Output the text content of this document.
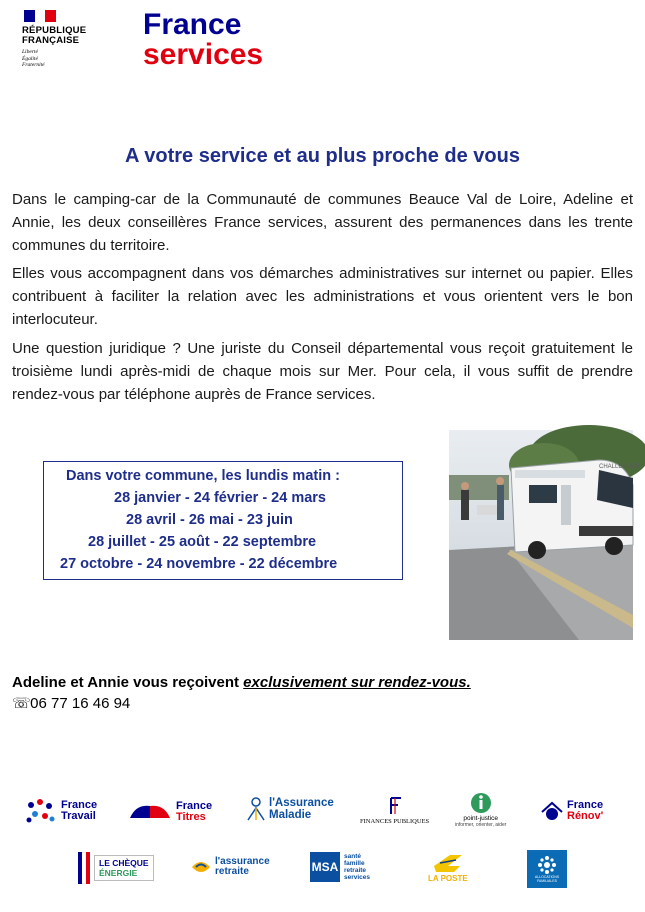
RÉPUBLIQUE
FRANÇAISE
Liberté
Égalité
Fraternité
France
services
A votre service et au plus proche de vous

Dans le camping-car de la Communauté de communes Beauce Val de Loire, Adeline et Annie, les deux conseillères France services, assurent des permanences dans les trente communes du territoire.

Elles vous accompagnent dans vos démarches administratives sur internet ou papier. Elles contribuent à faciliter la relation avec les administrations et vous orientent vers le bon interlocuteur.

Une question juridique ? Une juriste du Conseil départemental vous reçoit gratuitement le troisième lundi après-midi de chaque mois sur Mer. Pour cela, il vous suffit de prendre rendez-vous par téléphone auprès de France services.

Dans votre commune, les lundis matin :
28 janvier - 24 février - 24 mars
28 avril - 26 mai - 23 juin
28 juillet - 25 août - 22 septembre
27 octobre - 24 novembre - 22 décembre
CHALLENGER
Adeline et Annie vous reçoivent exclusivement sur rendez-vous.
☏ 06 77 16 46 94
France
Travail
France
Titres
l'Assurance
Maladie
FINANCES PUBLIQUES	point-justice
informer, orienter, aider
France
Rénov'
LE CHÈQUE
ÉNERGIE
l'assurance
retraite	MSA
santé
famille
retraite
services	LA POSTE	ALLOCATIONS
FAMILIALES
